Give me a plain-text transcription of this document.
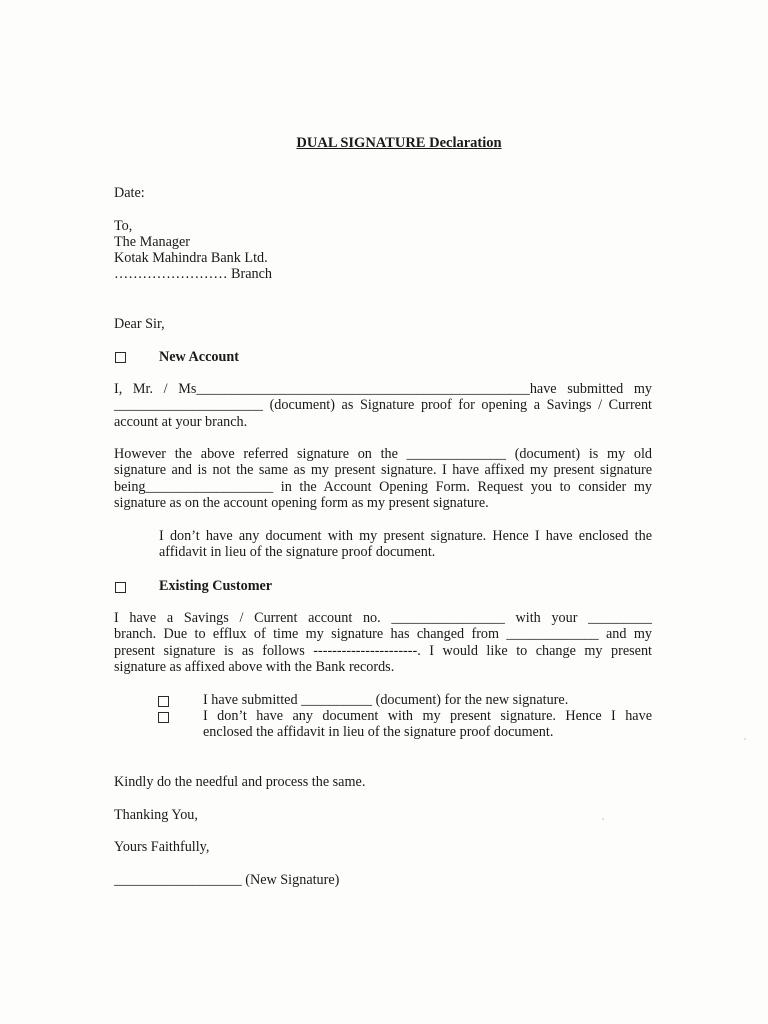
DUAL SIGNATURE Declaration
Date:
To,
The Manager
Kotak Mahindra Bank Ltd.
…………………… Branch
Dear Sir,
New Account
I, Mr. / Ms_______________________________________________have submitted my
_____________________ (document) as Signature proof for opening a Savings / Current
account at your branch.
However the above referred signature on the ______________ (document) is my old
signature and is not the same as my present signature. I have affixed my present signature
being__________________ in the Account Opening Form. Request you to consider my
signature as on the account opening form as my present signature.
I don’t have any document with my present signature. Hence I have enclosed the
affidavit in lieu of the signature proof document.
Existing Customer
I have a Savings / Current account no. ________________ with your _________
branch. Due to efflux of time my signature has changed from _____________ and my
present signature is as follows ----------------------. I would like to change my present
signature as affixed above with the Bank records.
I have submitted __________ (document) for the new signature.
I don’t have any document with my present signature. Hence I have
enclosed the affidavit in lieu of the signature proof document.
Kindly do the needful and process the same.
Thanking You,
Yours Faithfully,
__________________ (New Signature)
